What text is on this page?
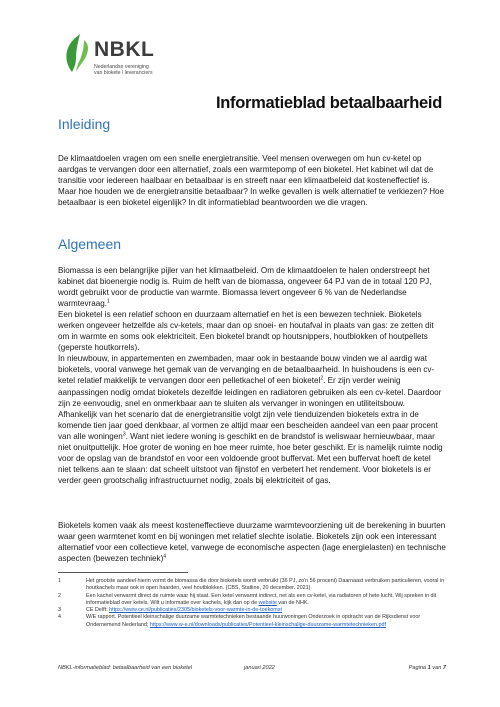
NBKL
Nederlandse vereniging
van biokete l leveranciers
Informatieblad betaalbaarheid
Inleiding

De klimaatdoelen vragen om een snelle energietransitie. Veel mensen overwegen om hun cv-ketel op aardgas te vervangen door een alternatief, zoals een warmtepomp of een bioketel. Het kabinet wil dat de transitie voor iedereen haalbaar en betaalbaar is en streeft naar een klimaatbeleid dat kosteneffectief is. Maar hoe houden we de energietransitie betaalbaar? In welke gevallen is welk alternatief te verkiezen? Hoe betaalbaar is een bioketel eigenlijk? In dit informatieblad beantwoorden we die vragen.

Algemeen

Biomassa is een belangrijke pijler van het klimaatbeleid. Om de klimaatdoelen te halen onderstreept het kabinet dat bioenergie nodig is. Ruim de helft van de biomassa, ongeveer 64 PJ van de in totaal 120 PJ, wordt gebruikt voor de productie van warmte. Biomassa levert ongeveer 6 % van de Nederlandse warmtevraag.$^1$

Een bioketel is een relatief schoon en duurzaam alternatief en het is een bewezen techniek. Bioketels werken ongeveer hetzelfde als cv-ketels, maar dan op snoei- en houtafval in plaats van gas: ze zetten dit om in warmte en soms ook elektriciteit. Een bioketel brandt op houtsnippers, houtblokken of houtpellets (geperste houtkorrels).

In nieuwbouw, in appartementen en zwembaden, maar ook in bestaande bouw vinden we al aardig wat bioketels, vooral vanwege het gemak van de vervanging en de betaalbaarheid. In huishoudens is een cv-ketel relatief makkelijk te vervangen door een pelletkachel of een bioketel$^2$. Er zijn verder weinig aanpassingen nodig omdat bioketels dezelfde leidingen en radiatoren gebruiken als een cv-ketel. Daardoor zijn ze eenvoudig, snel en onmerkbaar aan te sluiten als vervanger in woningen en utiliteitsbouw.

Afhankelijk van het scenario dat de energietransitie volgt zijn vele tienduizenden bioketels extra in de komende tien jaar goed denkbaar, al vormen ze altijd maar een bescheiden aandeel van een paar procent van alle woningen$^3$. Want niet iedere woning is geschikt en de brandstof is weliswaar hernieuwbaar, maar niet onuitputtelijk. Hoe groter de woning en hoe meer ruimte, hoe beter geschikt. Er is namelijk ruimte nodig voor de opslag van de brandstof en voor een voldoende groot buffervat. Met een buffervat hoeft de ketel niet telkens aan te slaan: dat scheelt uitstoot van fijnstof en verbetert het rendement. Voor bioketels is er verder geen grootschalig infrastructuurnet nodig, zoals bij elektriciteit of gas.

Bioketels komen vaak als meest kosteneffectieve duurzame warmtevoorziening uit de berekening in buurten waar geen warmtenet komt en bij woningen met relatief slechte isolatie. Bioketels zijn ook een interessant alternatief voor een collectieve ketel, vanwege de economische aspecten (lage energielasten) en technische aspecten (bewezen techniek)$^4$

1	Het grootste aandeel hierin vormt de biomassa die door bioketels wordt verbruikt (36 PJ, zo'n 56 procent) Daarnaast verbruiken particulieren, vooral in houtkachels maar ook in open haarden, veel houtblokken. (CBS, Statline, 20 december. 2021)
2	Een kachel verwarmt direct de ruimte waar hij staat. Een ketel verwarmt indirect, net als een cv-ketel, via radiatoren of hete lucht. Wij spreken in dit informatieblad over ketels. Wilt u informatie over kachels, kijk dan op de website van de NHK.
3	CE Delft: https://www.ce.nl/publicaties/2305/bioketels-voor-warmte-in-de-toekomst
4	W/E rapport. Potentieel kleinschalige duurzame warmtetechnieken bestaande huurwoningen Onderzoek in opdracht van de Rijksdienst voor Ondernemend Nederland; https://www.w-e.nl/downloads/publicaties/Potentieel-kleinschalige-duurzame-warmtetechnieken.pdf
NBKL-informatieblad: betaalbaarheid van een bioketel	januari 2022	Pagina 1 van 7
